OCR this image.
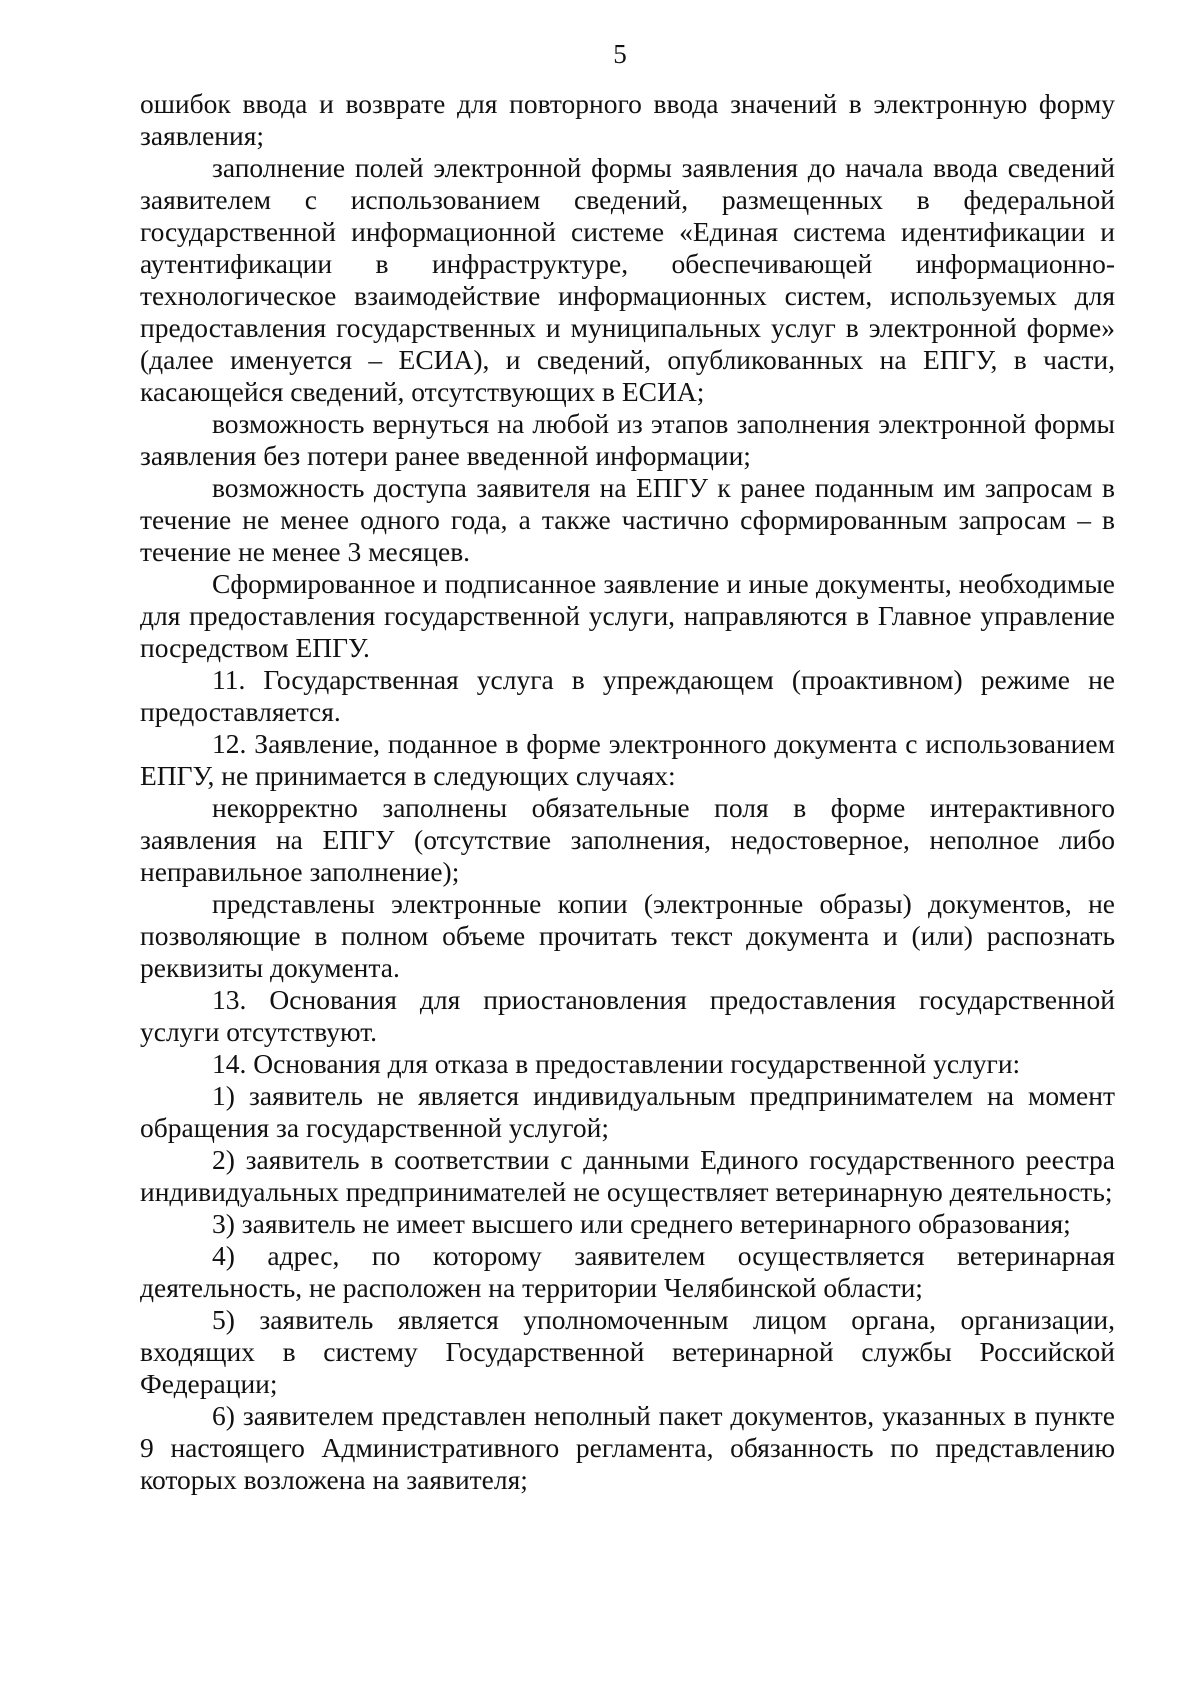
5

ошибок ввода и возврате для повторного ввода значений в электронную форму заявления;

заполнение полей электронной формы заявления до начала ввода сведений заявителем с использованием сведений, размещенных в федеральной государственной информационной системе «Единая система идентификации и аутентификации в инфраструктуре, обеспечивающей информационно-технологическое взаимодействие информационных систем, используемых для предоставления государственных и муниципальных услуг в электронной форме» (далее именуется – ЕСИА), и сведений, опубликованных на ЕПГУ, в части, касающейся сведений, отсутствующих в ЕСИА;

возможность вернуться на любой из этапов заполнения электронной формы заявления без потери ранее введенной информации;

возможность доступа заявителя на ЕПГУ к ранее поданным им запросам в течение не менее одного года, а также частично сформированным запросам – в течение не менее 3 месяцев.

Сформированное и подписанное заявление и иные документы, необходимые для предоставления государственной услуги, направляются в Главное управление посредством ЕПГУ.

11. Государственная услуга в упреждающем (проактивном) режиме не предоставляется.

12. Заявление, поданное в форме электронного документа с использованием ЕПГУ, не принимается в следующих случаях:

некорректно заполнены обязательные поля в форме интерактивного заявления на ЕПГУ (отсутствие заполнения, недостоверное, неполное либо неправильное заполнение);

представлены электронные копии (электронные образы) документов, не позволяющие в полном объеме прочитать текст документа и (или) распознать реквизиты документа.

13. Основания для приостановления предоставления государственной услуги отсутствуют.

14. Основания для отказа в предоставлении государственной услуги:

1) заявитель не является индивидуальным предпринимателем на момент обращения за государственной услугой;

2) заявитель в соответствии с данными Единого государственного реестра индивидуальных предпринимателей не осуществляет ветеринарную деятельность;

3) заявитель не имеет высшего или среднего ветеринарного образования;

4) адрес, по которому заявителем осуществляется ветеринарная деятельность, не расположен на территории Челябинской области;

5) заявитель является уполномоченным лицом органа, организации, входящих в систему Государственной ветеринарной службы Российской Федерации;

6) заявителем представлен неполный пакет документов, указанных в пункте 9 настоящего Административного регламента, обязанность по представлению которых возложена на заявителя;
